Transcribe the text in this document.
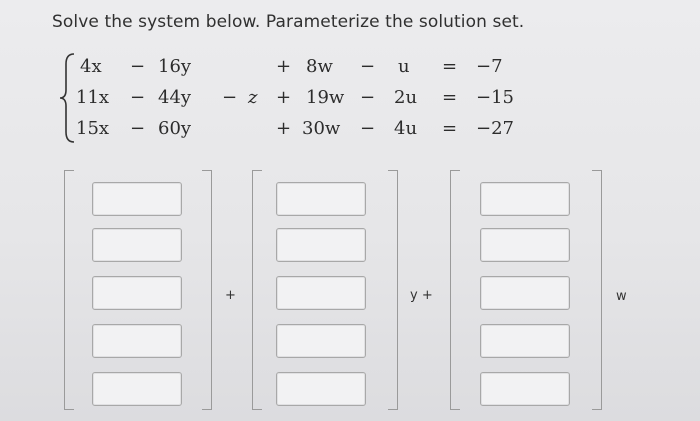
Solve the system below. Parameterize the solution set.
4x − 16y	+ 8w − u = −7
11x − 44y − z + 19w − 2u = −15
15x − 60y	+ 30w − 4u = −27
+	y +	w
